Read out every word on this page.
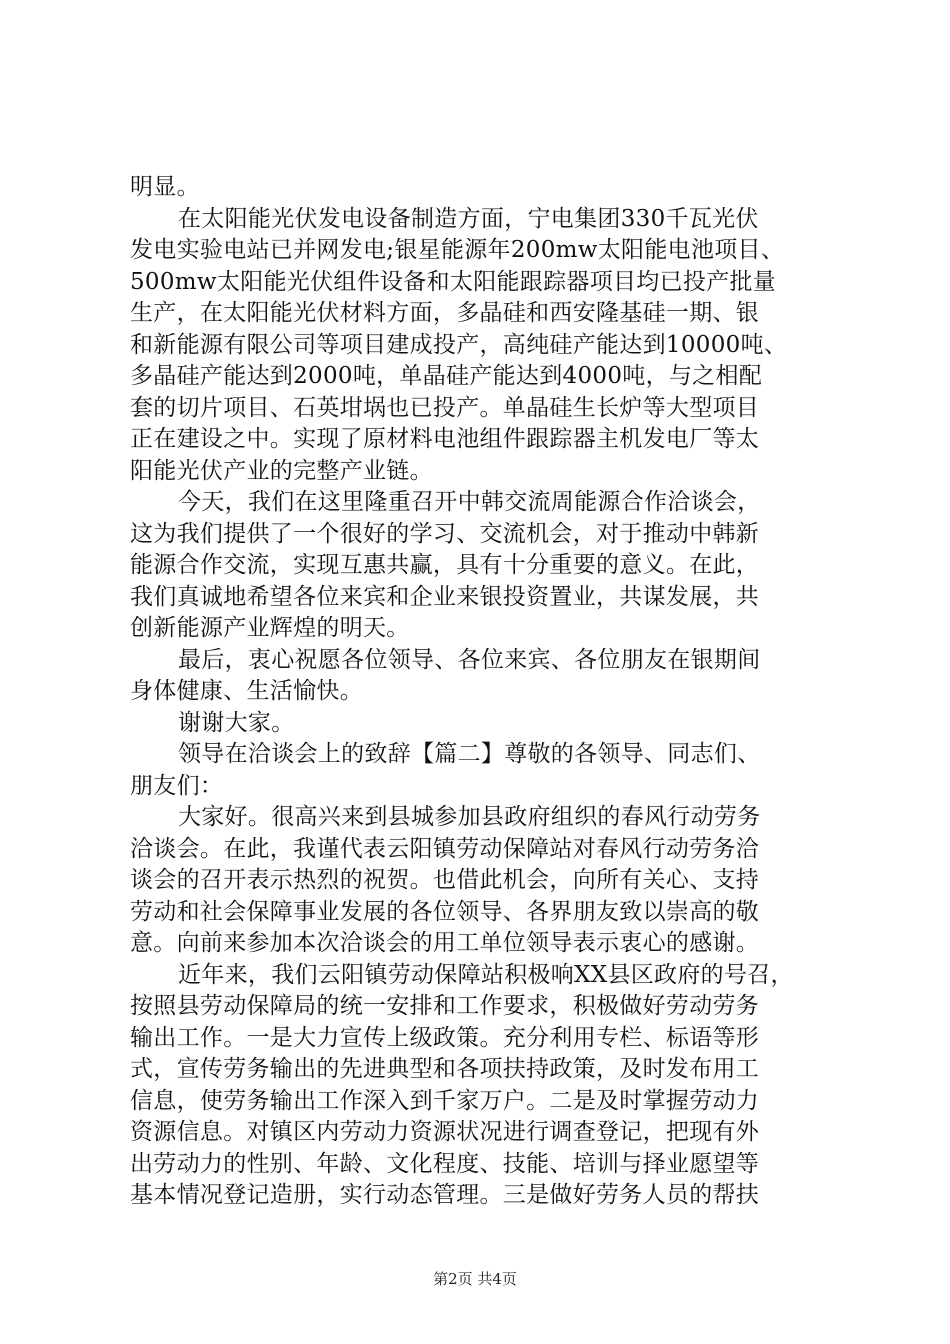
明显。
在太阳能光伏发电设备制造方面，宁电集团330千瓦光伏
发电实验电站已并网发电;银星能源年200mw太阳能电池项目、
500mw太阳能光伏组件设备和太阳能跟踪器项目均已投产批量
生产，在太阳能光伏材料方面，多晶硅和西安隆基硅一期、银
和新能源有限公司等项目建成投产，高纯硅产能达到10000吨、
多晶硅产能达到2000吨，单晶硅产能达到4000吨，与之相配
套的切片项目、石英坩埚也已投产。单晶硅生长炉等大型项目
正在建设之中。实现了原材料电池组件跟踪器主机发电厂等太
阳能光伏产业的完整产业链。
今天，我们在这里隆重召开中韩交流周能源合作洽谈会，
这为我们提供了一个很好的学习、交流机会，对于推动中韩新
能源合作交流，实现互惠共赢，具有十分重要的意义。在此，
我们真诚地希望各位来宾和企业来银投资置业，共谋发展，共
创新能源产业辉煌的明天。
最后，衷心祝愿各位领导、各位来宾、各位朋友在银期间
身体健康、生活愉快。
谢谢大家。
领导在洽谈会上的致辞【篇二】尊敬的各领导、同志们、
朋友们：
大家好。很高兴来到县城参加县政府组织的春风行动劳务
洽谈会。在此，我谨代表云阳镇劳动保障站对春风行动劳务洽
谈会的召开表示热烈的祝贺。也借此机会，向所有关心、支持
劳动和社会保障事业发展的各位领导、各界朋友致以崇高的敬
意。向前来参加本次洽谈会的用工单位领导表示衷心的感谢。
近年来，我们云阳镇劳动保障站积极响XX县区政府的号召，
按照县劳动保障局的统一安排和工作要求，积极做好劳动劳务
输出工作。一是大力宣传上级政策。充分利用专栏、标语等形
式，宣传劳务输出的先进典型和各项扶持政策，及时发布用工
信息，使劳务输出工作深入到千家万户。二是及时掌握劳动力
资源信息。对镇区内劳动力资源状况进行调查登记，把现有外
出劳动力的性别、年龄、文化程度、技能、培训与择业愿望等
基本情况登记造册，实行动态管理。三是做好劳务人员的帮扶
第2页 共4页
